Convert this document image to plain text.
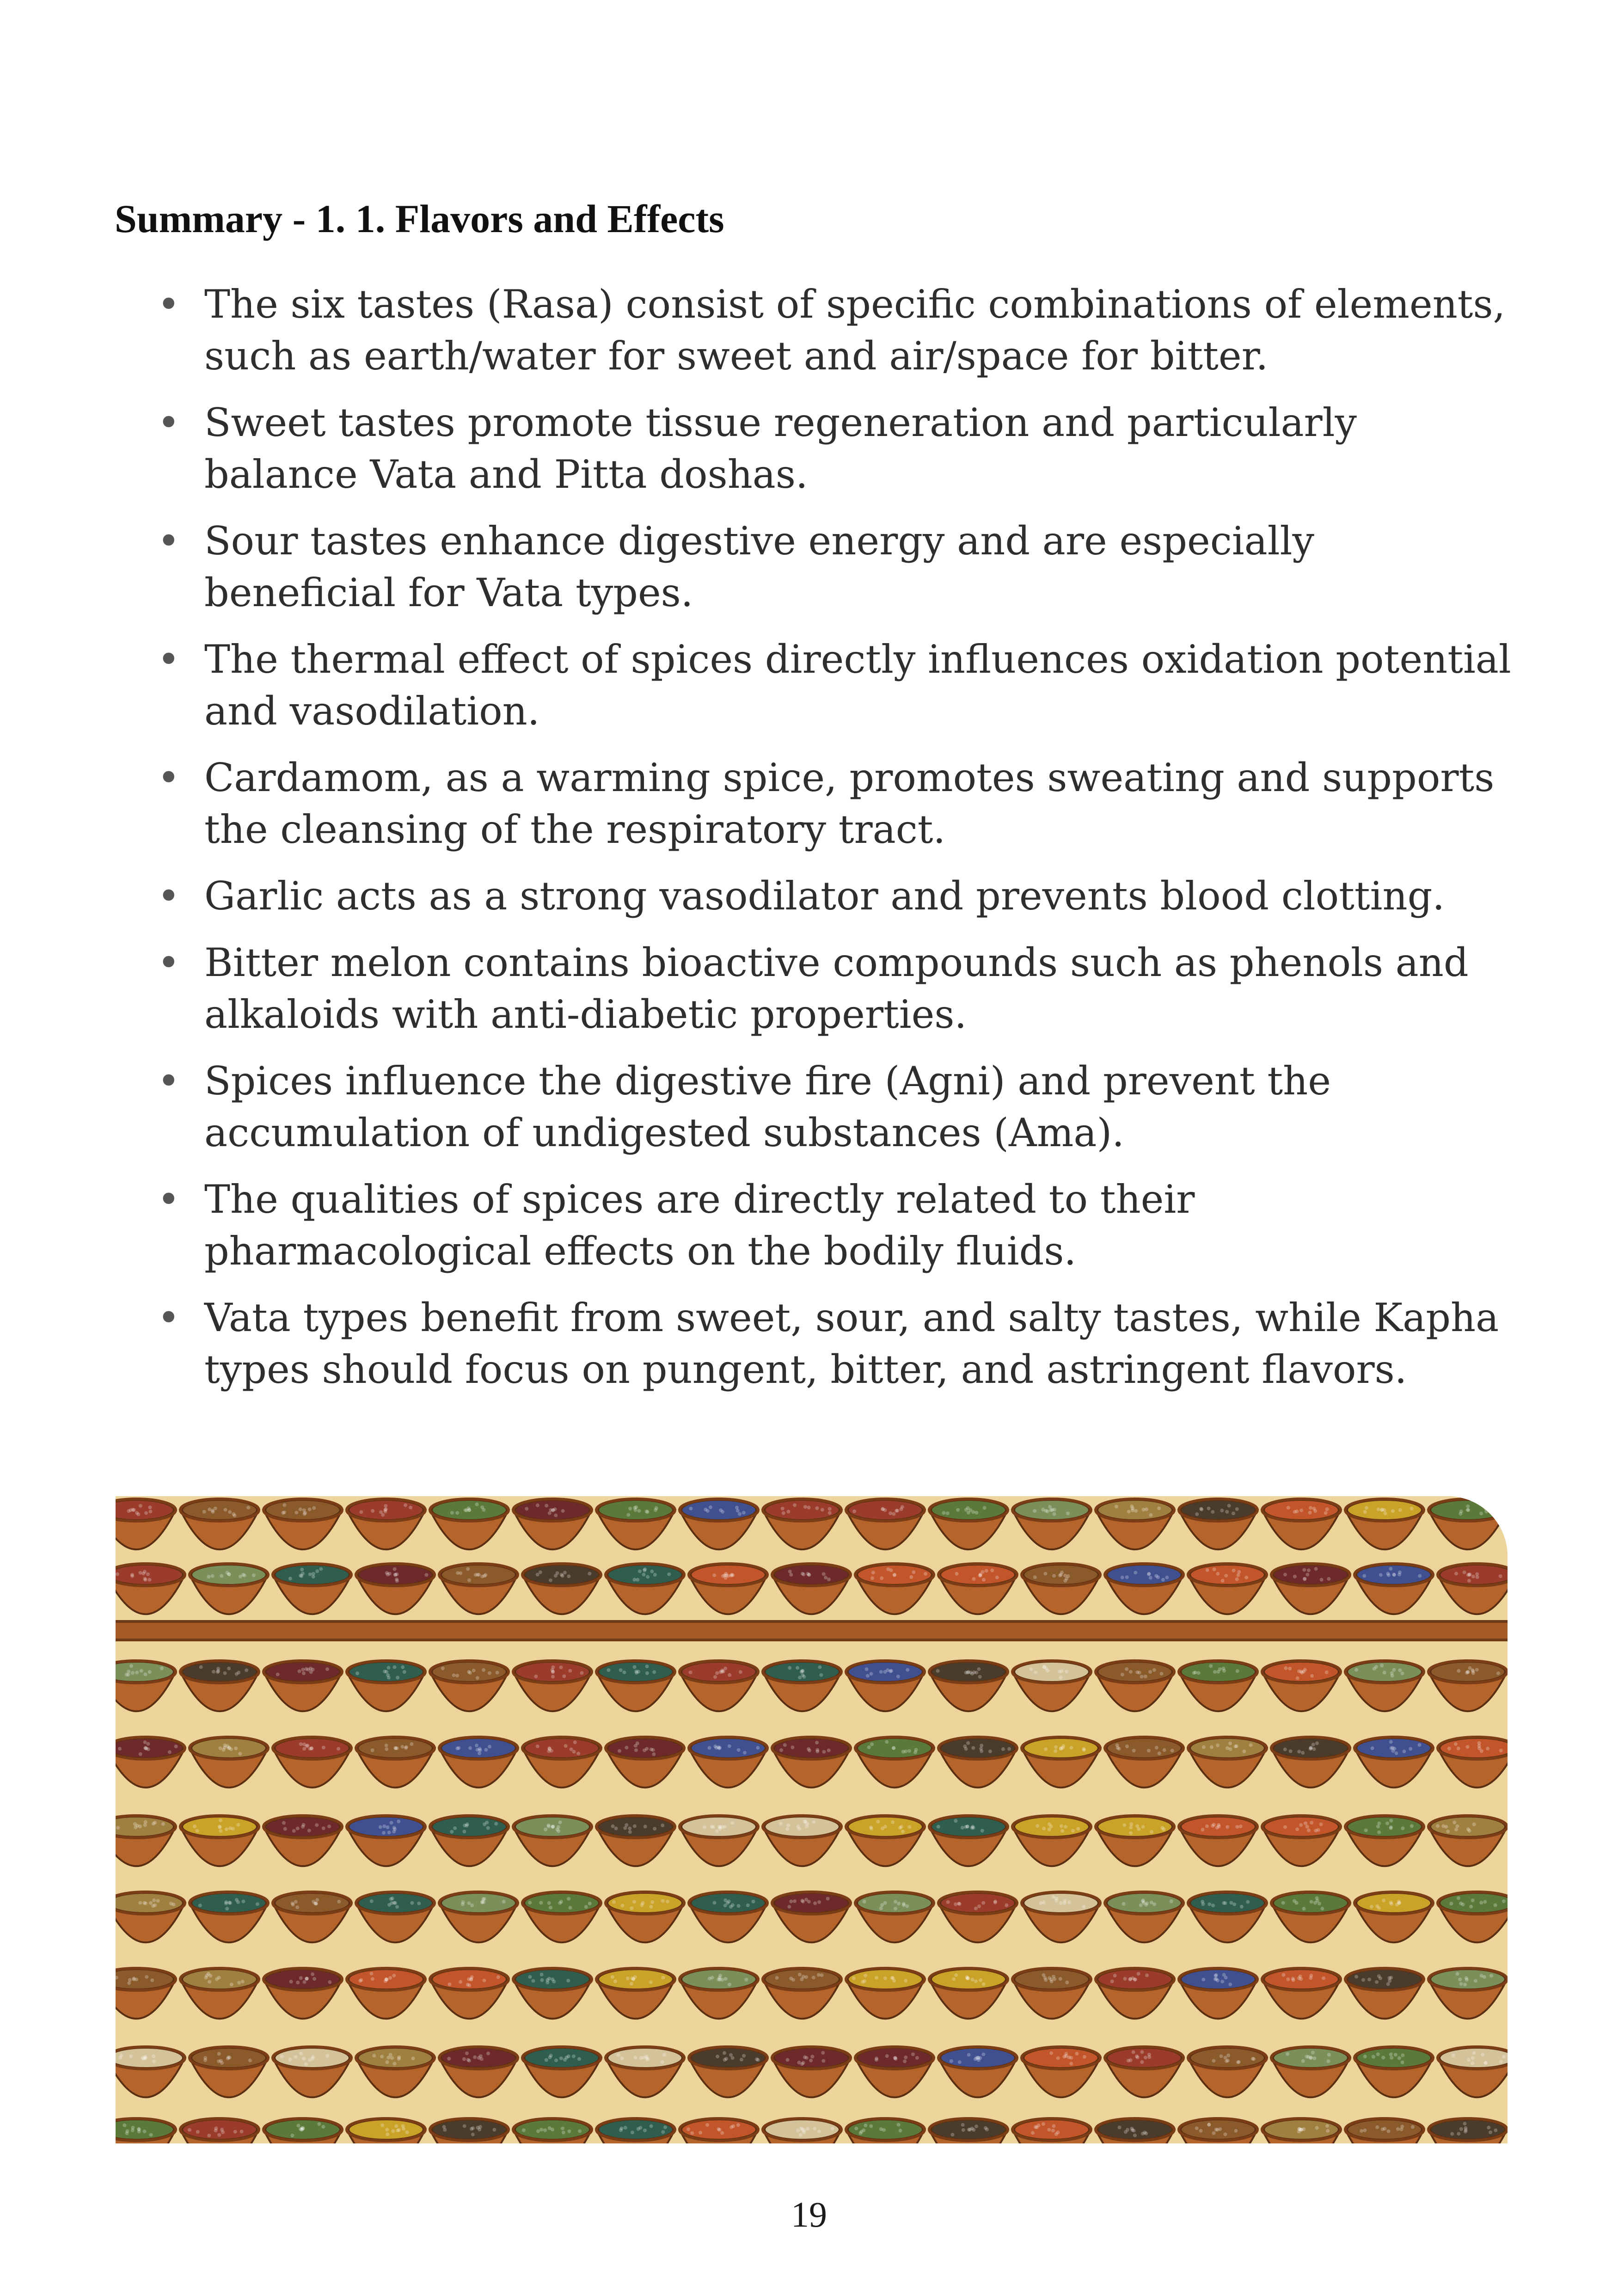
Summary - 1. 1. Flavors and Effects
• The six tastes (Rasa) consist of specific combinations of elements, such as earth/water for sweet and air/space for bitter.
• Sweet tastes promote tissue regeneration and particularly balance Vata and Pitta doshas.
• Sour tastes enhance digestive energy and are especially beneficial for Vata types.
• The thermal effect of spices directly influences oxidation potential and vasodilation.
• Cardamom, as a warming spice, promotes sweating and supports the cleansing of the respiratory tract.
• Garlic acts as a strong vasodilator and prevents blood clotting.
• Bitter melon contains bioactive compounds such as phenols and alkaloids with anti-diabetic properties.
• Spices influence the digestive fire (Agni) and prevent the accumulation of undigested substances (Ama).
• The qualities of spices are directly related to their pharmacological effects on the bodily fluids.
• Vata types benefit from sweet, sour, and salty tastes, while Kapha types should focus on pungent, bitter, and astringent flavors.
19
